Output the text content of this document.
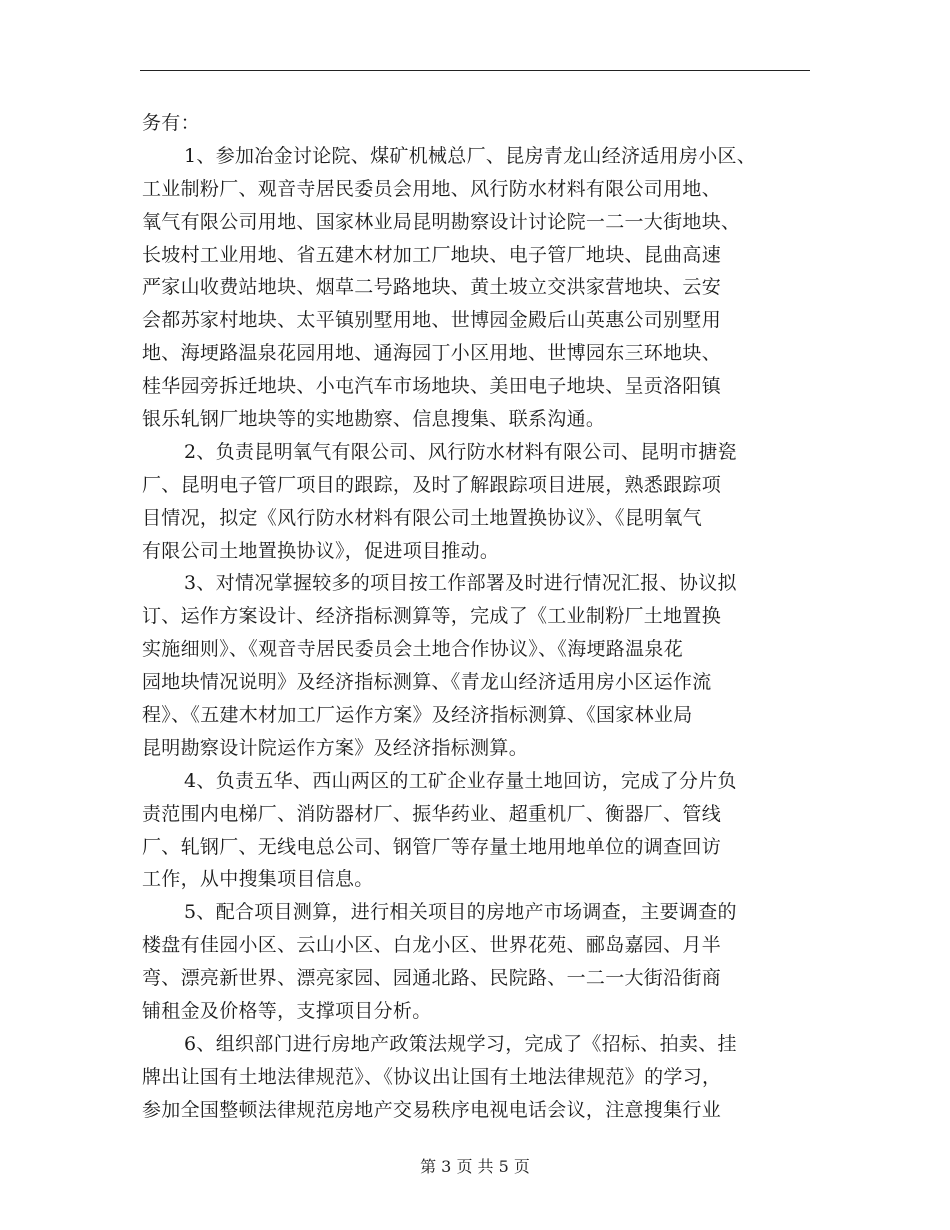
务有：
1、参加冶金讨论院、煤矿机械总厂、昆房青龙山经济适用房小区、
工业制粉厂、观音寺居民委员会用地、风行防水材料有限公司用地、
氧气有限公司用地、国家林业局昆明勘察设计讨论院一二一大街地块、
长坡村工业用地、省五建木材加工厂地块、电子管厂地块、昆曲高速
严家山收费站地块、烟草二号路地块、黄土坡立交洪家营地块、云安
会都苏家村地块、太平镇别墅用地、世博园金殿后山英惠公司别墅用
地、海埂路温泉花园用地、通海园丁小区用地、世博园东三环地块、
桂华园旁拆迁地块、小屯汽车市场地块、美田电子地块、呈贡洛阳镇
银乐轧钢厂地块等的实地勘察、信息搜集、联系沟通。
2、负责昆明氧气有限公司、风行防水材料有限公司、昆明市搪瓷
厂、昆明电子管厂项目的跟踪，及时了解跟踪项目进展，熟悉跟踪项
目情况，拟定《风行防水材料有限公司土地置换协议》、《昆明氧气
有限公司土地置换协议》，促进项目推动。
3、对情况掌握较多的项目按工作部署及时进行情况汇报、协议拟
订、运作方案设计、经济指标测算等，完成了《工业制粉厂土地置换
实施细则》、《观音寺居民委员会土地合作协议》、《海埂路温泉花
园地块情况说明》及经济指标测算、《青龙山经济适用房小区运作流
程》、《五建木材加工厂运作方案》及经济指标测算、《国家林业局
昆明勘察设计院运作方案》及经济指标测算。
4、负责五华、西山两区的工矿企业存量土地回访，完成了分片负
责范围内电梯厂、消防器材厂、振华药业、超重机厂、衡器厂、管线
厂、轧钢厂、无线电总公司、钢管厂等存量土地用地单位的调查回访
工作，从中搜集项目信息。
5、配合项目测算，进行相关项目的房地产市场调查，主要调查的
楼盘有佳园小区、云山小区、白龙小区、世界花苑、郦岛嘉园、月半
弯、漂亮新世界、漂亮家园、园通北路、民院路、一二一大街沿街商
铺租金及价格等，支撑项目分析。
6、组织部门进行房地产政策法规学习，完成了《招标、拍卖、挂
牌出让国有土地法律规范》、《协议出让国有土地法律规范》的学习，
参加全国整顿法律规范房地产交易秩序电视电话会议，注意搜集行业
第 3 页 共 5 页
